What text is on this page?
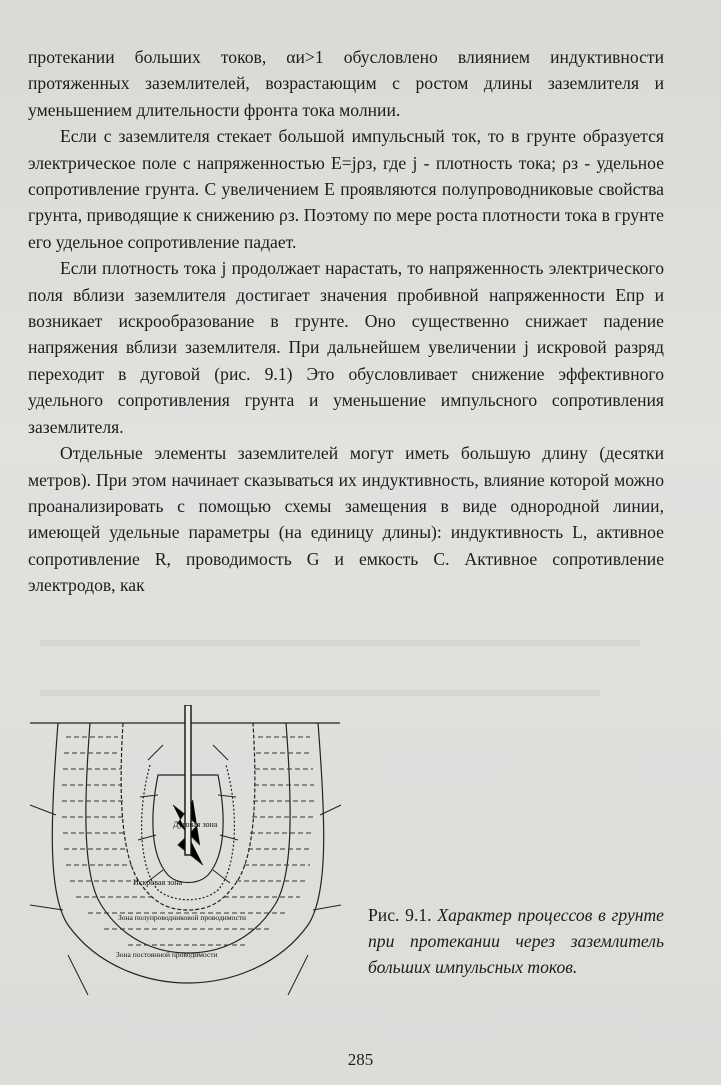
протекании больших токов, αи>1 обусловлено влиянием индуктивности протяженных заземлителей, возрастающим с ростом длины заземлителя и уменьшением длительности фронта тока молнии.

Если с заземлителя стекает большой импульсный ток, то в грунте образуется электрическое поле с напряженностью E=jρз, где j - плотность тока; ρз - удельное сопротивление грунта. С увеличением E проявляются полупроводниковые свойства грунта, приводящие к снижению ρз. Поэтому по мере роста плотности тока в грунте его удельное сопротивление падает.

Если плотность тока j продолжает нарастать, то напряженность электрического поля вблизи заземлителя достигает значения пробивной напряженности Eпр и возникает искрообразование в грунте. Оно существенно снижает падение напряжения вблизи заземлителя. При дальнейшем увеличении j искровой разряд переходит в дуговой (рис. 9.1) Это обусловливает снижение эффективного удельного сопротивления грунта и уменьшение импульсного сопротивления заземлителя.

Отдельные элементы заземлителей могут иметь большую длину (десятки метров). При этом начинает сказываться их индуктивность, влияние которой можно проанализировать с помощью схемы замещения в виде однородной линии, имеющей удельные параметры (на единицу длины): индуктивность L, активное сопротивление R, проводимость G и емкость C. Активное сопротивление электродов, как

Дуговая зона
Искровая зона
Зона полупроводниковой проводимости
Зона постоянной проводимости
Рис. 9.1. Характер процессов в грунте при протекании через заземлитель больших импульсных токов.
285
